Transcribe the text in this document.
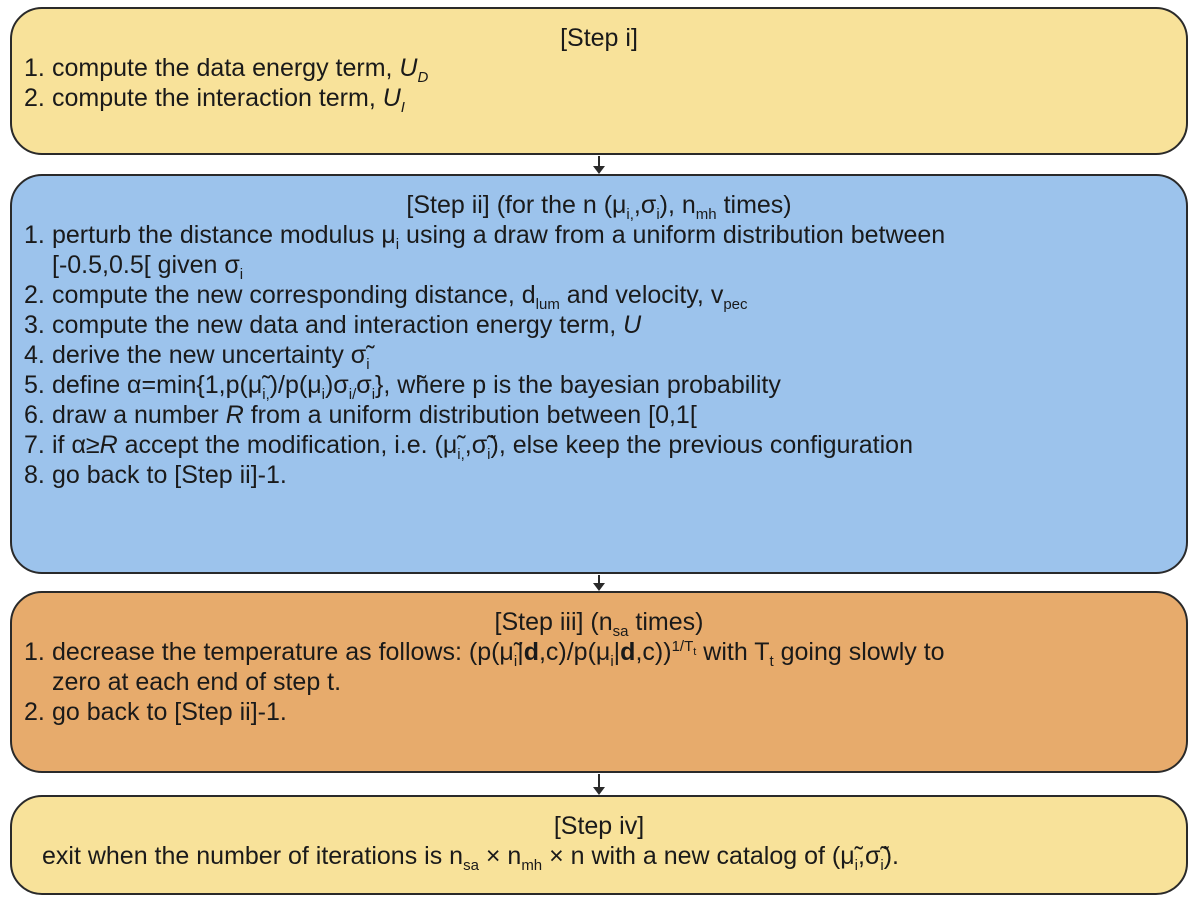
[Step i]
1. compute the data energy term, $U_D$
2. compute the interaction term, $U_I$
[Step ii] (for the n $(\mu_{i,},\sigma_i)$, $n_{mh}$ times)
1. perturb the distance modulus $\mu_i$ using a draw from a uniform distribution between
[-0.5,0.5[ given $\sigma_i$
2. compute the new corresponding distance, $d_{lum}$ and velocity, $v_{pec}$
3. compute the new data and interaction energy term, U
4. derive the new uncertainty $\sigmã_i$
5. define $\alpha=\min\{1,p(\mũ_{i,})/p(\mu_i)\sigma_{i/}\sigma_i\}$, wh̃ere p is the bayesian probability
6. draw a number R from a uniform distribution between [0,1[
7. if α≥R accept the modification, i.e. $(\mũ_{i,},\sigmã_i)$, else keep the previous configuration
8. go back to [Step ii]-1.
[Step iii] ($n_{sa}$ times)
1. decrease the temperature as follows: $(p(\mũ_i|d,c)/p(\mu_i|d,c))^{1/T_t}$ with $T_t$ going slowly to
zero at each end of step t.
2. go back to [Step ii]-1.
[Step iv]
exit when the number of iterations is $n_{sa} \times n_{mh} \times n$ with a new catalog of $(\mũ_i,\sigmã_i)$.
